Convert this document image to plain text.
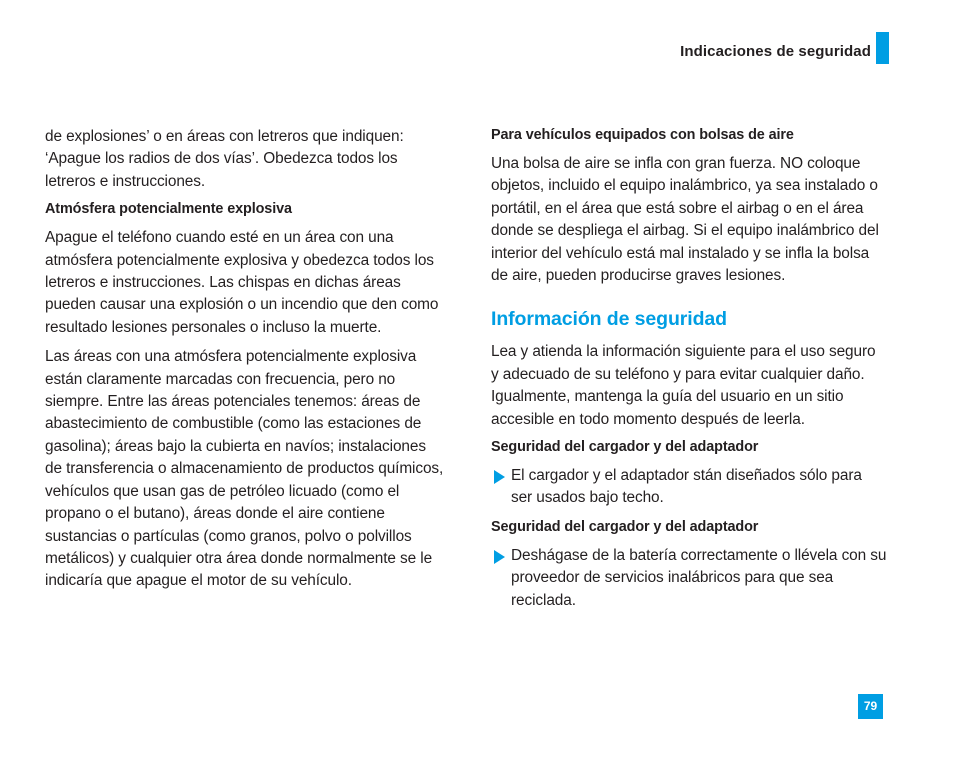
Indicaciones de seguridad

de explosiones’ o en áreas con letreros que indiquen: ‘Apague los radios de dos vías’. Obedezca todos los letreros e instrucciones.

Atmósfera potencialmente explosiva

Apague el teléfono cuando esté en un área con una atmósfera potencialmente explosiva y obedezca todos los letreros e instrucciones. Las chispas en dichas áreas pueden causar una explosión o un incendio que den como resultado lesiones personales o incluso la muerte.

Las áreas con una atmósfera potencialmente explosiva están claramente marcadas con frecuencia, pero no siempre. Entre las áreas potenciales tenemos: áreas de abastecimiento de combustible (como las estaciones de gasolina); áreas bajo la cubierta en navíos; instalaciones de transferencia o almacenamiento de productos químicos, vehículos que usan gas de petróleo licuado (como el propano o el butano), áreas donde el aire contiene sustancias o partículas (como granos, polvo o polvillos metálicos) y cualquier otra área donde normalmente se le indicaría que apague el motor de su vehículo.

Para vehículos equipados con bolsas de aire

Una bolsa de aire se infla con gran fuerza. NO coloque objetos, incluido el equipo inalámbrico, ya sea instalado o portátil, en el área que está sobre el airbag o en el área donde se despliega el airbag. Si el equipo inalámbrico del interior del vehículo está mal instalado y se infla la bolsa de aire, pueden producirse graves lesiones.

Información de seguridad

Lea y atienda la información siguiente para el uso seguro y adecuado de su teléfono y para evitar cualquier daño. Igualmente, mantenga la guía del usuario en un sitio accesible en todo momento después de leerla.

Seguridad del cargador y del adaptador
El cargador y el adaptador stán diseñados sólo para ser usados bajo techo.
Seguridad del cargador y del adaptador
Deshágase de la batería correctamente o llévela con su proveedor de servicios inalábricos para que sea reciclada.
79
